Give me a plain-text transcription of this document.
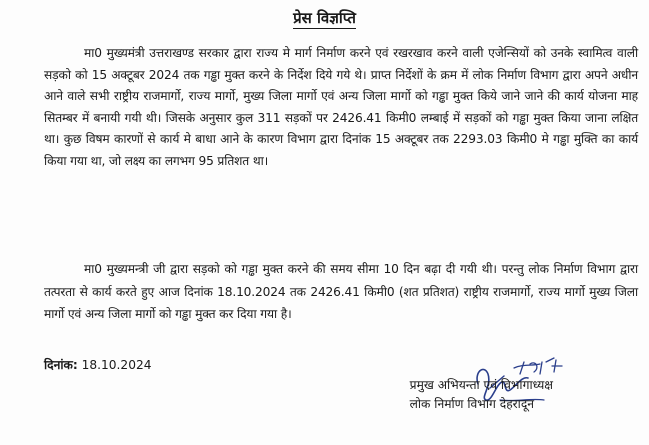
प्रेस विज्ञप्ति

मा0 मुख्यमंत्री उत्तराखण्ड सरकार द्वारा राज्य मे मार्ग निर्माण करने एवं रखरखाव करने वाली एजेन्सियों को उनके स्वामित्व वाली सड़को को 15 अक्टूबर 2024 तक गड्ढा मुक्त करने के निर्देश दिये गये थे। प्राप्त निर्देशों के क्रम में लोक निर्माण विभाग द्वारा अपने अधीन आने वाले सभी राष्ट्रीय राजमार्गो, राज्य मार्गो, मुख्य जिला मार्गो एवं अन्य जिला मार्गो को गड्ढा मुक्त किये जाने जाने की कार्य योजना माह सितम्बर में बनायी गयी थी। जिसके अनुसार कुल 311 सड़कों पर 2426.41 किमी0 लम्बाई में सड़कों को गड्ढा मुक्त किया जाना लक्षित था। कुछ विषम कारणों से कार्य मे बाधा आने के कारण विभाग द्वारा दिनांक 15 अक्टूबर तक 2293.03 किमी0 मे गड्ढा मुक्ति का कार्य किया गया था, जो लक्ष्य का लगभग 95 प्रतिशत था।

मा0 मुख्यमन्त्री जी द्वारा सड़को को गड्ढा मुक्त करने की समय सीमा 10 दिन बढ़ा दी गयी थी। परन्तु लोक निर्माण विभाग द्वारा तत्परता से कार्य करते हुए आज दिनांक 18.10.2024 तक 2426.41 किमी0 (शत प्रतिशत) राष्ट्रीय राजमार्गो, राज्य मार्गो मुख्य जिला मार्गो एवं अन्य जिला मार्गो को गड्ढा मुक्त कर दिया गया है।

दिनांक: 18.10.2024
प्रमुख अभियन्ता एवं विभागाध्यक्ष
लोक निर्माण विभाग देहरादून
